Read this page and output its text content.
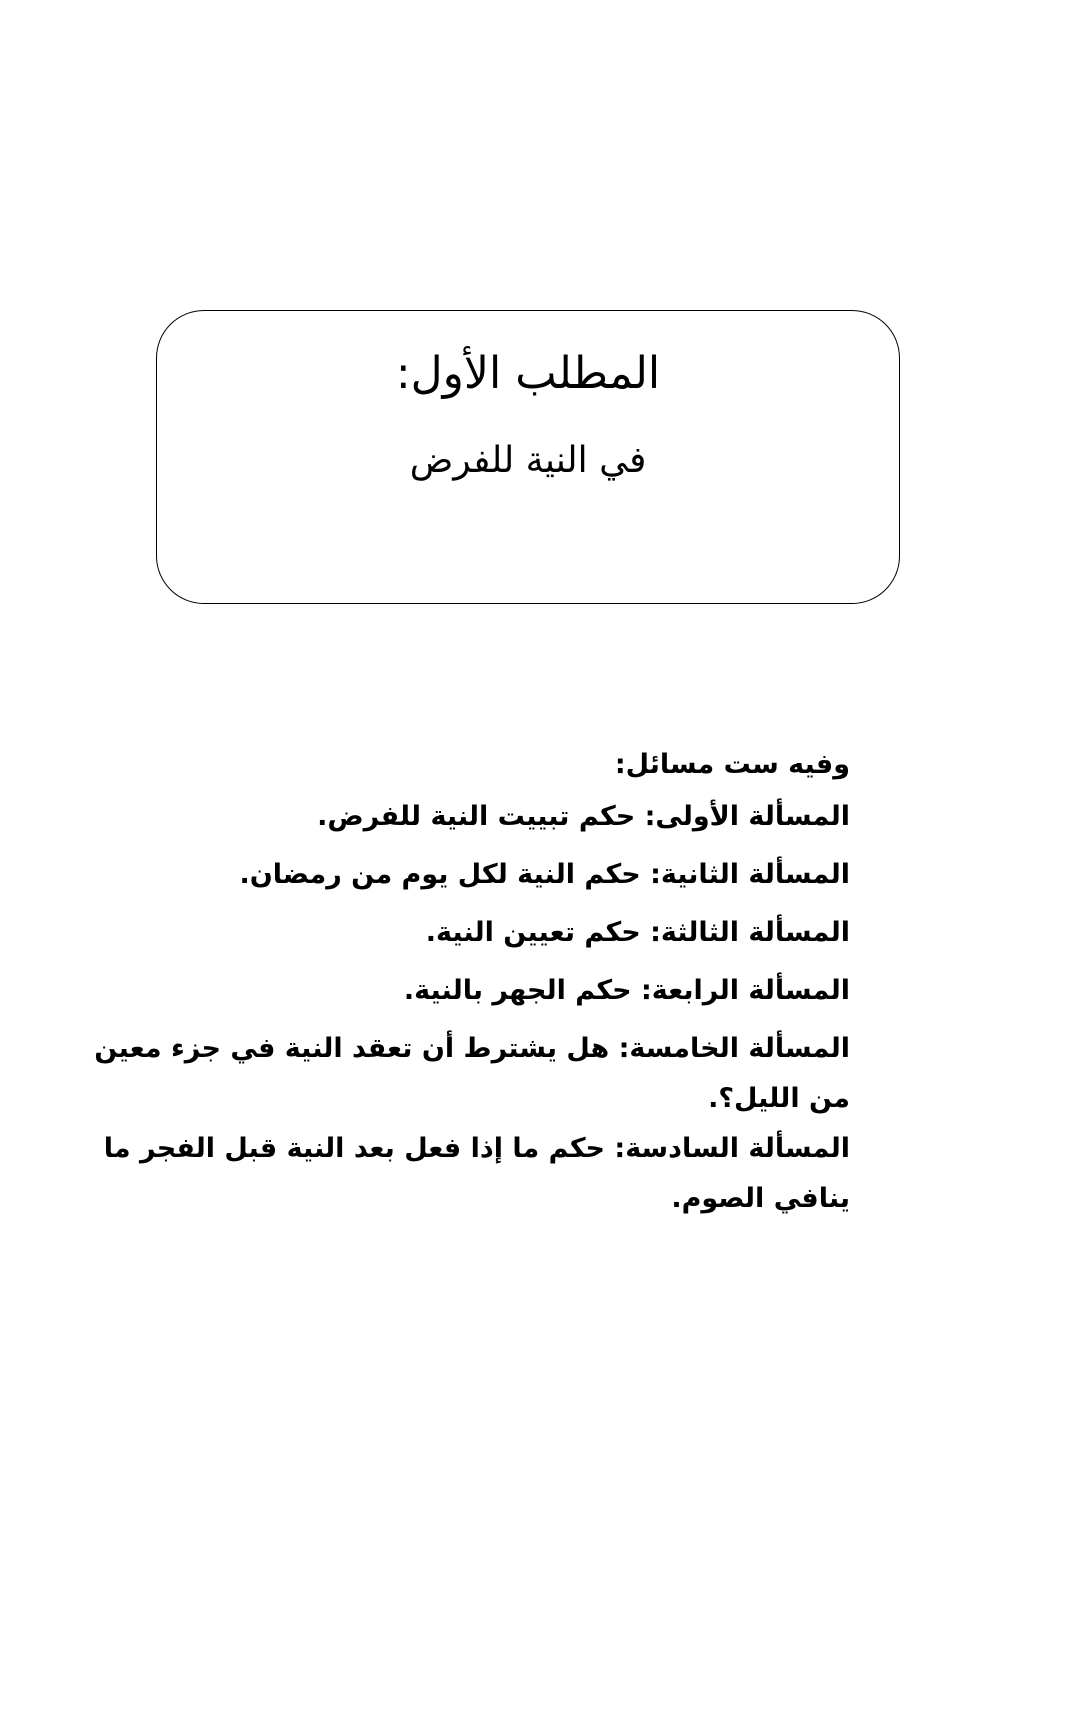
المطلب الأول:
في النية للفرض
وفيه ست مسائل:
المسألة الأولى: حكم تبييت النية للفرض.
المسألة الثانية: حكم النية لكل يوم من رمضان.
المسألة الثالثة: حكم تعيين النية.
المسألة الرابعة: حكم الجهر بالنية.
المسألة الخامسة: هل يشترط أن تعقد النية في جزء معين من الليل؟.
المسألة السادسة: حكم ما إذا فعل بعد النية قبل الفجر ما ينافي الصوم.
